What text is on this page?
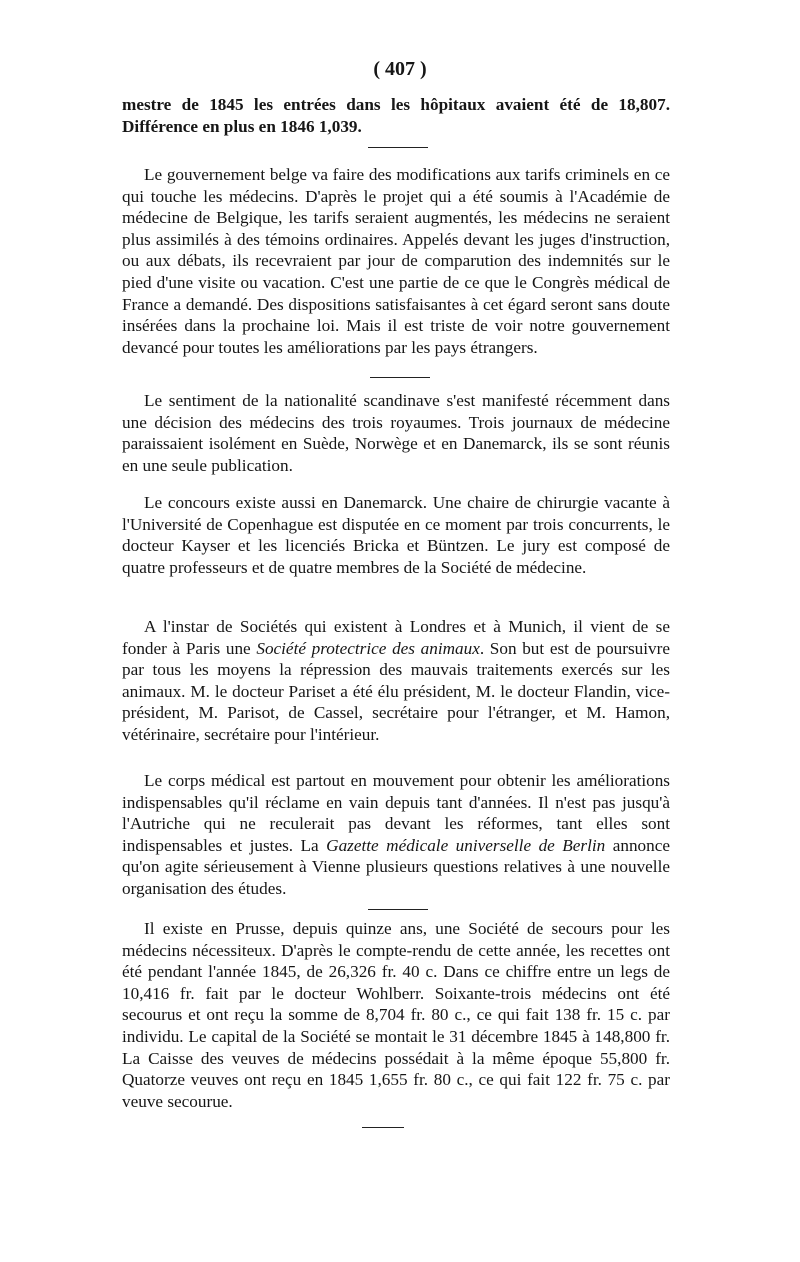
( 407 )

mestre de 1845 les entrées dans les hôpitaux avaient été de 18,807. Différence en plus en 1846 1,039.

Le gouvernement belge va faire des modifications aux tarifs criminels en ce qui touche les médecins. D'après le projet qui a été soumis à l'Académie de médecine de Belgique, les tarifs seraient augmentés, les médecins ne seraient plus assimilés à des témoins ordinaires. Appelés devant les juges d'instruction, ou aux débats, ils recevraient par jour de comparution des indemnités sur le pied d'une visite ou vacation. C'est une partie de ce que le Congrès médical de France a demandé. Des dispositions satisfaisantes à cet égard seront sans doute insérées dans la prochaine loi. Mais il est triste de voir notre gouvernement devancé pour toutes les améliorations par les pays étrangers.

Le sentiment de la nationalité scandinave s'est manifesté récemment dans une décision des médecins des trois royaumes. Trois journaux de médecine paraissaient isolément en Suède, Norwège et en Danemarck, ils se sont réunis en une seule publication.

Le concours existe aussi en Danemarck. Une chaire de chirurgie vacante à l'Université de Copenhague est disputée en ce moment par trois concurrents, le docteur Kayser et les licenciés Bricka et Büntzen. Le jury est composé de quatre professeurs et de quatre membres de la Société de médecine.

A l'instar de Sociétés qui existent à Londres et à Munich, il vient de se fonder à Paris une Société protectrice des animaux. Son but est de poursuivre par tous les moyens la répression des mauvais traitements exercés sur les animaux. M. le docteur Pariset a été élu président, M. le docteur Flandin, vice-président, M. Parisot, de Cassel, secrétaire pour l'étranger, et M. Hamon, vétérinaire, secrétaire pour l'intérieur.

Le corps médical est partout en mouvement pour obtenir les améliorations indispensables qu'il réclame en vain depuis tant d'années. Il n'est pas jusqu'à l'Autriche qui ne reculerait pas devant les réformes, tant elles sont indispensables et justes. La Gazette médicale universelle de Berlin annonce qu'on agite sérieusement à Vienne plusieurs questions relatives à une nouvelle organisation des études.

Il existe en Prusse, depuis quinze ans, une Société de secours pour les médecins nécessiteux. D'après le compte-rendu de cette année, les recettes ont été pendant l'année 1845, de 26,326 fr. 40 c. Dans ce chiffre entre un legs de 10,416 fr. fait par le docteur Wohlberr. Soixante-trois médecins ont été secourus et ont reçu la somme de 8,704 fr. 80 c., ce qui fait 138 fr. 15 c. par individu. Le capital de la Société se montait le 31 décembre 1845 à 148,800 fr. La Caisse des veuves de médecins possédait à la même époque 55,800 fr. Quatorze veuves ont reçu en 1845 1,655 fr. 80 c., ce qui fait 122 fr. 75 c. par veuve secourue.
